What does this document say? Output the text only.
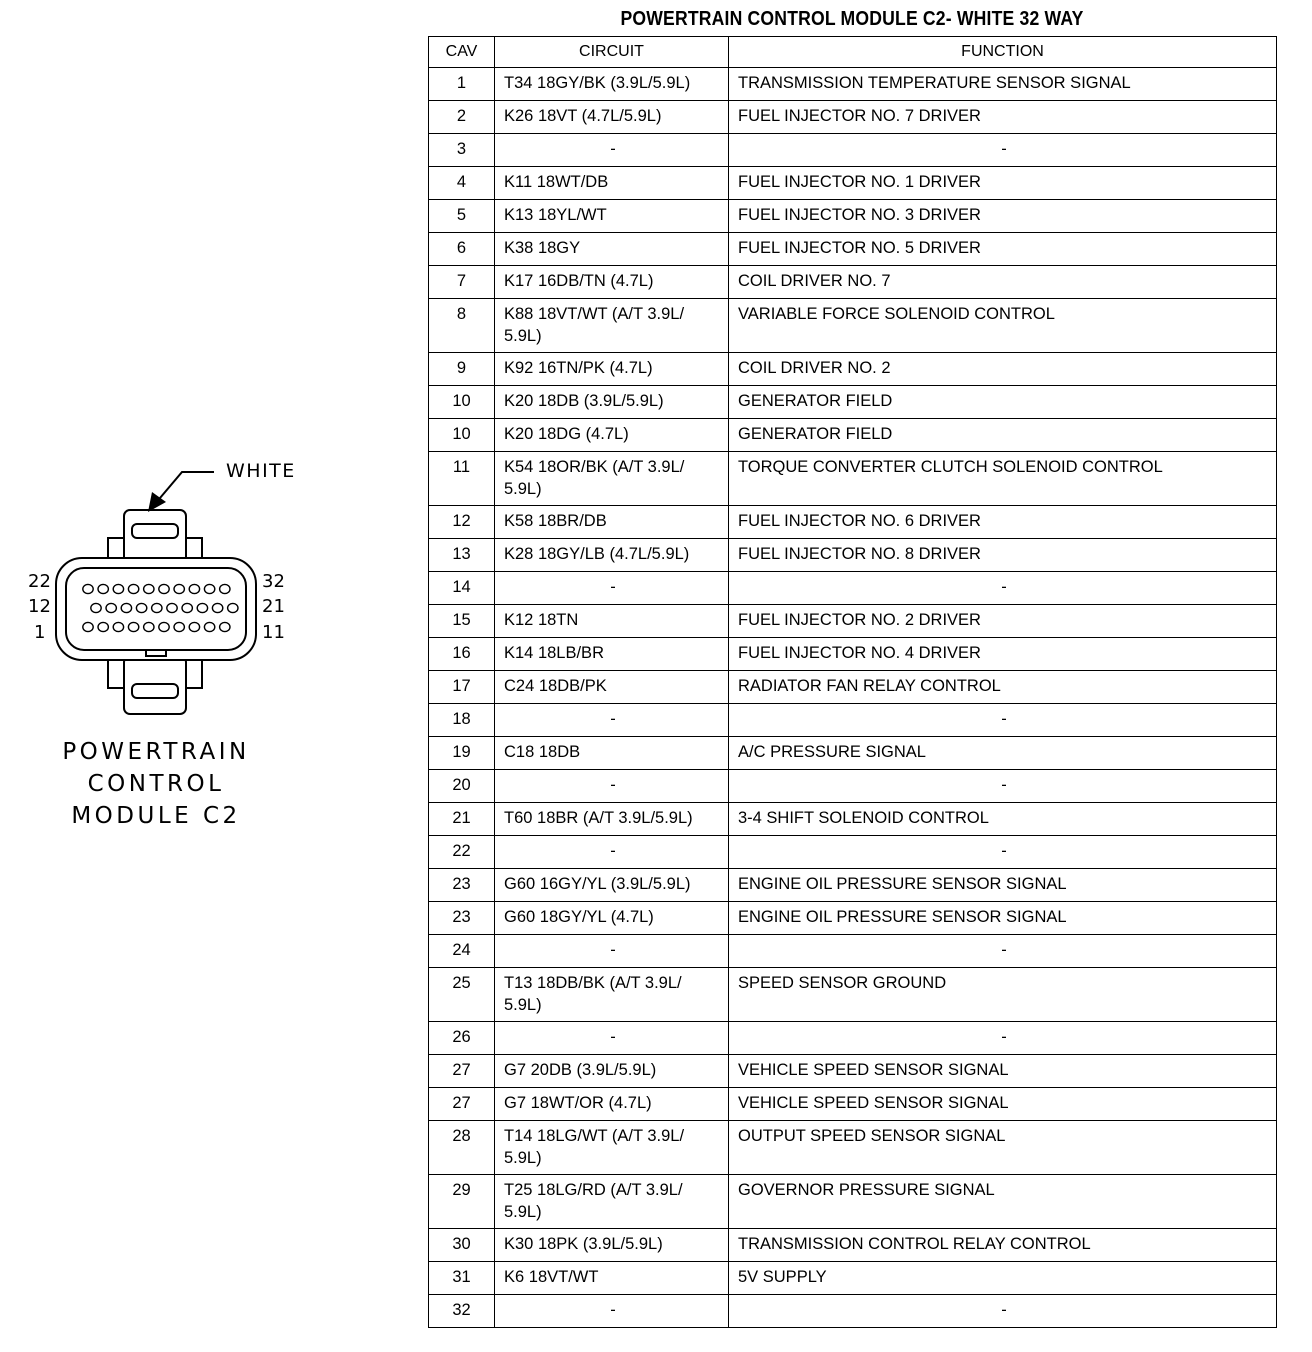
POWERTRAIN CONTROL MODULE C2- WHITE 32 WAY
CAV	CIRCUIT	FUNCTION
1	T34 18GY/BK (3.9L/5.9L)	TRANSMISSION TEMPERATURE SENSOR SIGNAL
2	K26 18VT (4.7L/5.9L)	FUEL INJECTOR NO. 7 DRIVER
3	-	-
4	K11 18WT/DB	FUEL INJECTOR NO. 1 DRIVER
5	K13 18YL/WT	FUEL INJECTOR NO. 3 DRIVER
6	K38 18GY	FUEL INJECTOR NO. 5 DRIVER
7	K17 16DB/TN (4.7L)	COIL DRIVER NO. 7
8	K88 18VT/WT (A/T 3.9L/ 5.9L)	VARIABLE FORCE SOLENOID CONTROL
9	K92 16TN/PK (4.7L)	COIL DRIVER NO. 2
10	K20 18DB (3.9L/5.9L)	GENERATOR FIELD
10	K20 18DG (4.7L)	GENERATOR FIELD
11	K54 18OR/BK (A/T 3.9L/ 5.9L)	TORQUE CONVERTER CLUTCH SOLENOID CONTROL
12	K58 18BR/DB	FUEL INJECTOR NO. 6 DRIVER
13	K28 18GY/LB (4.7L/5.9L)	FUEL INJECTOR NO. 8 DRIVER
14	-	-
15	K12 18TN	FUEL INJECTOR NO. 2 DRIVER
16	K14 18LB/BR	FUEL INJECTOR NO. 4 DRIVER
17	C24 18DB/PK	RADIATOR FAN RELAY CONTROL
18	-	-
19	C18 18DB	A/C PRESSURE SIGNAL
20	-	-
21	T60 18BR (A/T 3.9L/5.9L)	3-4 SHIFT SOLENOID CONTROL
22	-	-
23	G60 16GY/YL (3.9L/5.9L)	ENGINE OIL PRESSURE SENSOR SIGNAL
23	G60 18GY/YL (4.7L)	ENGINE OIL PRESSURE SENSOR SIGNAL
24	-	-
25	T13 18DB/BK (A/T 3.9L/ 5.9L)	SPEED SENSOR GROUND
26	-	-
27	G7 20DB (3.9L/5.9L)	VEHICLE SPEED SENSOR SIGNAL
27	G7 18WT/OR (4.7L)	VEHICLE SPEED SENSOR SIGNAL
28	T14 18LG/WT (A/T 3.9L/ 5.9L)	OUTPUT SPEED SENSOR SIGNAL
29	T25 18LG/RD (A/T 3.9L/ 5.9L)	GOVERNOR PRESSURE SIGNAL
30	K30 18PK (3.9L/5.9L)	TRANSMISSION CONTROL RELAY CONTROL
31	K6 18VT/WT	5V SUPPLY
32	-	-
WHITE
22
12
1
32
21
11
POWERTRAIN
CONTROL
MODULE C2
